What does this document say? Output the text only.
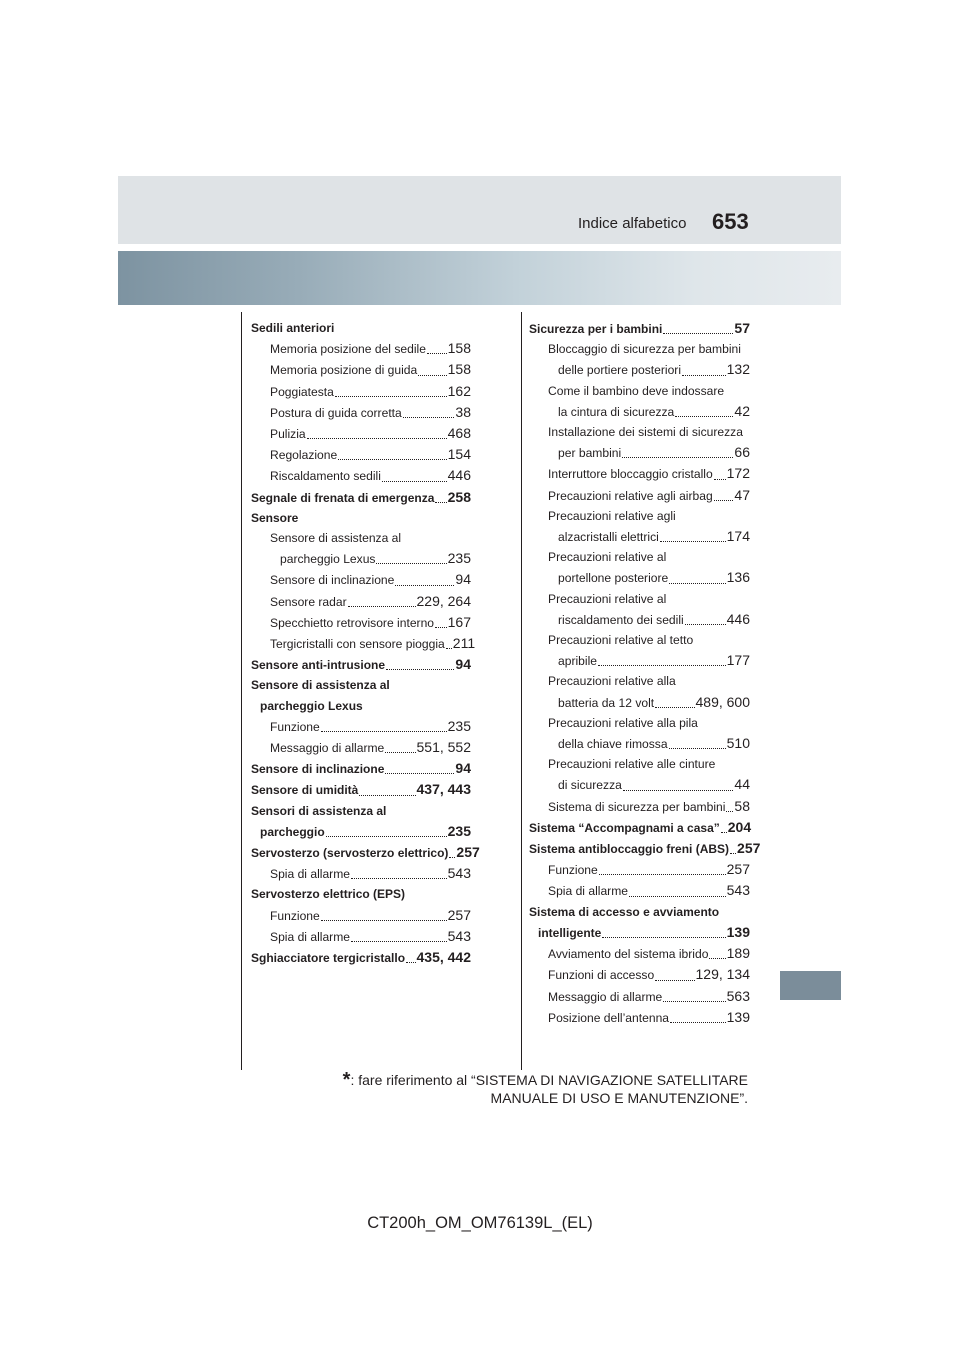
Indice alfabetico 653
Sedili anteriori
Memoria posizione del sedile 158
Memoria posizione di guida 158
Poggiatesta	162
Postura di guida corretta	38
Pulizia	468
Regolazione	154
Riscaldamento sedili	446
Segnale di frenata di emergenza 258
Sensore
Sensore di assistenza al
parcheggio Lexus	235
Sensore di inclinazione	94
Sensore radar	229, 264
Specchietto retrovisore interno 167
Tergicristalli con sensore pioggia 211
Sensore anti-intrusione	94
Sensore di assistenza al
parcheggio Lexus
Funzione	235
Messaggio di allarme 551, 552
Sensore di inclinazione	94
Sensore di umidità	437, 443
Sensori di assistenza al
parcheggio	235
Servosterzo (servosterzo elettrico) 257
Spia di allarme	543
Servosterzo elettrico (EPS)
Funzione	257
Spia di allarme	543
Sghiacciatore tergicristallo 435, 442
Sicurezza per i bambini	57
Bloccaggio di sicurezza per bambini
delle portiere posteriori	132
Come il bambino deve indossare
la cintura di sicurezza	42
Installazione dei sistemi di sicurezza
per bambini	66
Interruttore bloccaggio cristallo 172
Precauzioni relative agli airbag 47
Precauzioni relative agli
alzacristalli elettrici	174
Precauzioni relative al
portellone posteriore	136
Precauzioni relative al
riscaldamento dei sedili	446
Precauzioni relative al tetto
apribile	177
Precauzioni relative alla
batteria da 12 volt	489, 600
Precauzioni relative alla pila
della chiave rimossa	510
Precauzioni relative alle cinture
di sicurezza	44
Sistema di sicurezza per bambini 58
Sistema “Accompagnami a casa” 204
Sistema antibloccaggio freni (ABS) 257
Funzione	257
Spia di allarme	543
Sistema di accesso e avviamento
intelligente	139
Avviamento del sistema ibrido 189
Funzioni di accesso	129, 134
Messaggio di allarme	563
Posizione dell’antenna	139
*: fare riferimento al “SISTEMA DI NAVIGAZIONE SATELLITARE
MANUALE DI USO E MANUTENZIONE”.
CT200h_OM_OM76139L_(EL)
